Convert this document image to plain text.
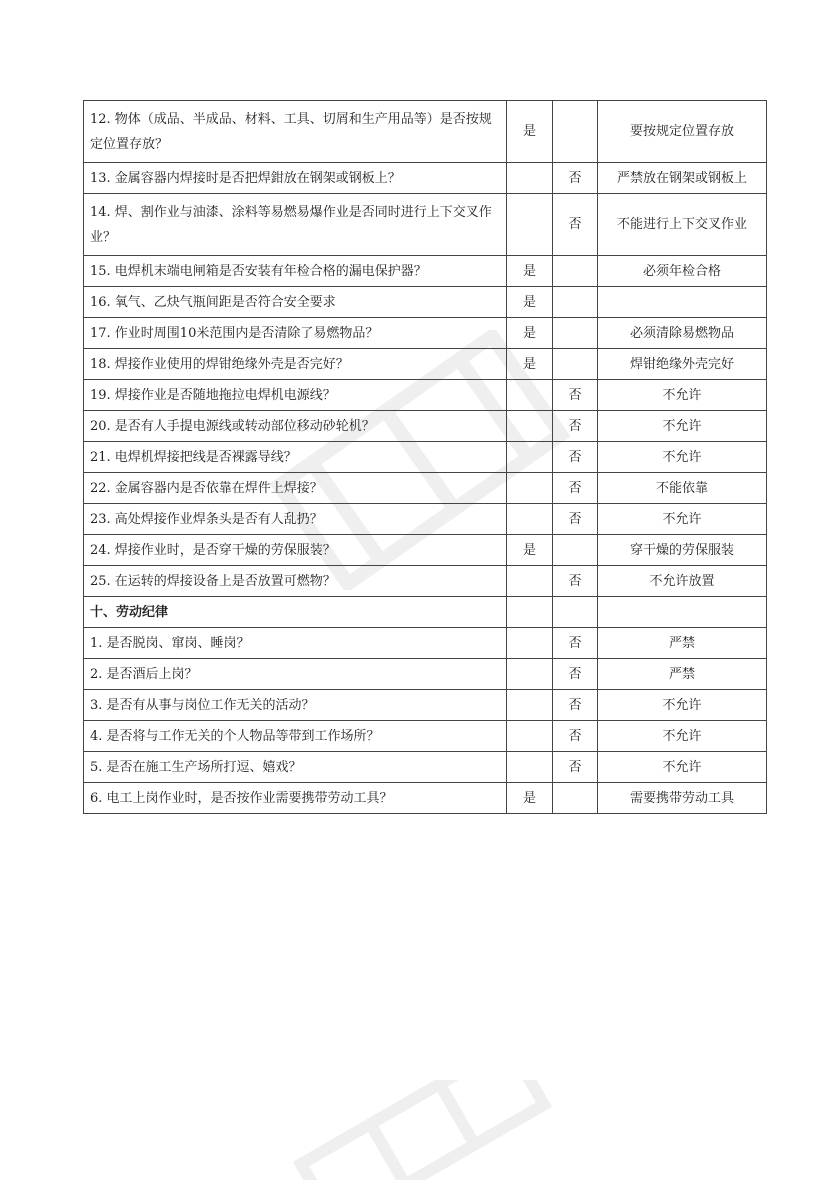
12. 物体（成品、半成品、材料、工具、切屑和生产用品等）是否按规定位置存放？	是		要按规定位置存放
13. 金属容器内焊接时是否把焊鉗放在钢架或钢板上？		否	严禁放在钢架或钢板上
14. 焊、割作业与油漆、涂料等易燃易爆作业是否同时进行上下交叉作业？		否	不能进行上下交叉作业
15. 电焊机末端电闸箱是否安装有年检合格的漏电保护器？	是		必须年检合格
16. 氧气、乙炔气瓶间距是否符合安全要求	是		
17. 作业时周围10米范围内是否清除了易燃物品？	是		必须清除易燃物品
18. 焊接作业使用的焊钳绝缘外壳是否完好？	是		焊钳绝缘外壳完好
19. 焊接作业是否随地拖拉电焊机电源线？		否	不允许
20. 是否有人手提电源线或转动部位移动砂轮机？		否	不允许
21. 电焊机焊接把线是否裸露导线？		否	不允许
22. 金属容器内是否依靠在焊件上焊接？		否	不能依靠
23. 高处焊接作业焊条头是否有人乱扔？		否	不允许
24. 焊接作业时，是否穿干燥的劳保服装？	是		穿干燥的劳保服装
25. 在运转的焊接设备上是否放置可燃物？		否	不允许放置
十、劳动纪律			
1. 是否脱岗、窜岗、睡岗？		否	严禁
2. 是否酒后上岗？		否	严禁
3. 是否有从事与岗位工作无关的活动？		否	不允许
4. 是否将与工作无关的个人物品等带到工作场所？		否	不允许
5. 是否在施工生产场所打逗、嬉戏？		否	不允许
6. 电工上岗作业时，是否按作业需要携带劳动工具？	是		需要携带劳动工具
